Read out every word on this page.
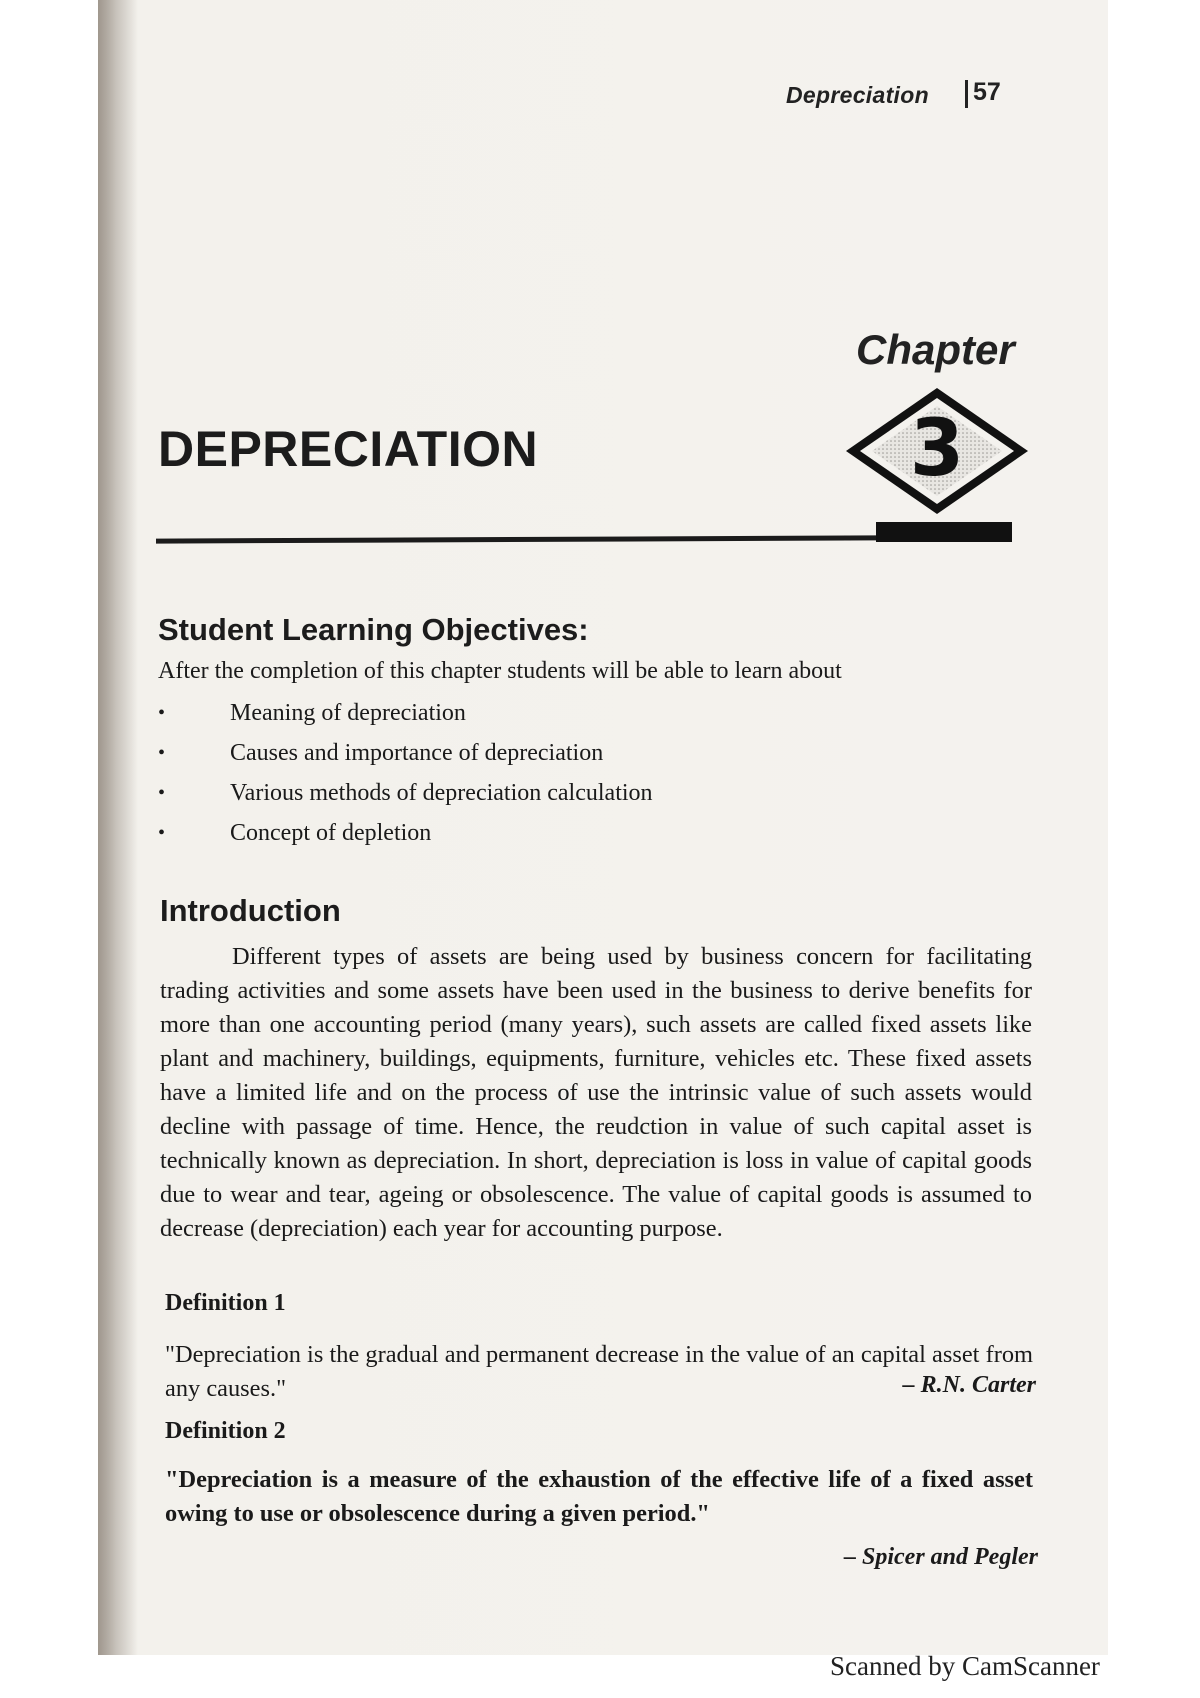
Depreciation 57
Chapter
3
DEPRECIATION
Student Learning Objectives:
After the completion of this chapter students will be able to learn about
•	Meaning of depreciation
•	Causes and importance of depreciation
•	Various methods of depreciation calculation
•	Concept of depletion
Introduction

Different types of assets are being used by business concern for facilitating trading activities and some assets have been used in the business to derive benefits for more than one accounting period (many years), such assets are called fixed assets like plant and machinery, buildings, equipments, furniture, vehicles etc. These fixed assets have a limited life and on the process of use the intrinsic value of such assets would decline with passage of time. Hence, the reudction in value of such capital asset is technically known as depreciation. In short, depreciation is loss in value of capital goods due to wear and tear, ageing or obsolescence. The value of capital goods is assumed to decrease (depreciation) each year for accounting purpose.

Definition 1

"Depreciation is the gradual and permanent decrease in the value of an capital asset from any causes."	– R.N. Carter
Definition 2

"Depreciation is a measure of the exhaustion of the effective life of a fixed asset owing to use or obsolescence during a given period."

– Spicer and Pegler
Scanned by CamScanner
